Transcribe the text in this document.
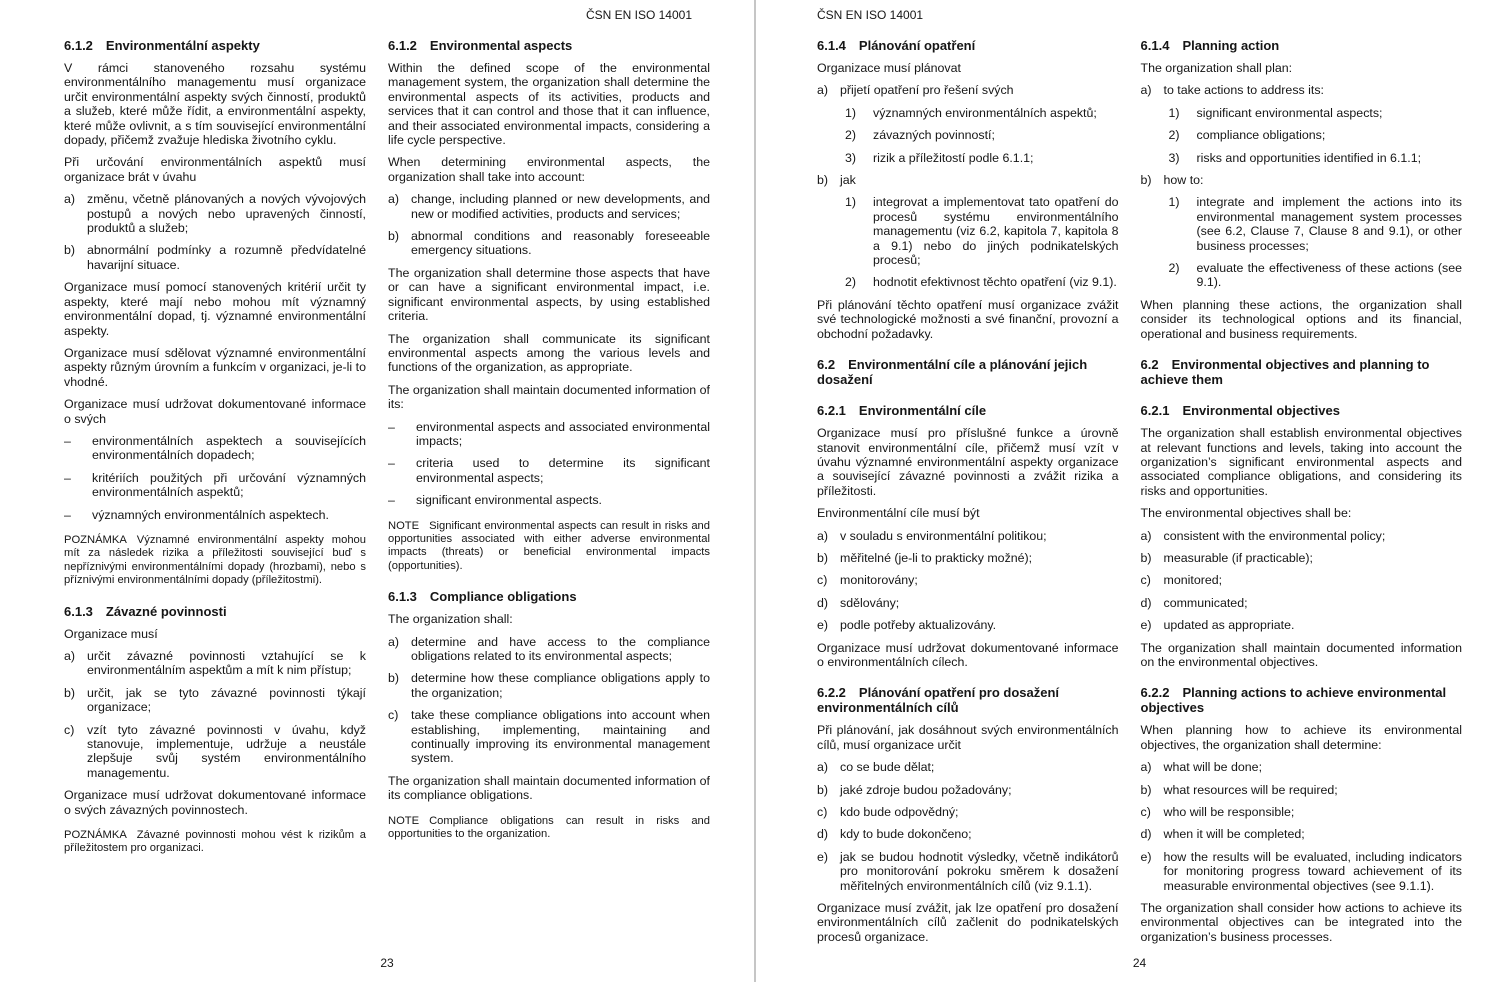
ČSN EN ISO 14001
6.1.2 Environmentální aspekty
V rámci stanoveného rozsahu systému environmentálního managementu musí organizace určit environmentální aspekty svých činností, produktů a služeb, které může řídit, a environmentální aspekty, které může ovlivnit, a s tím související environmentální dopady, přičemž zvažuje hlediska životního cyklu.
Při určování environmentálních aspektů musí organizace brát v úvahu
a) změnu, včetně plánovaných a nových vývojových postupů a nových nebo upravených činností, produktů a služeb;
b) abnormální podmínky a rozumně předvídatelné havarijní situace.
Organizace musí pomocí stanovených kritérií určit ty aspekty, které mají nebo mohou mít významný environmentální dopad, tj. významné environmentální aspekty.
Organizace musí sdělovat významné environmentální aspekty různým úrovním a funkcím v organizaci, je-li to vhodné.
Organizace musí udržovat dokumentované informace o svých
– environmentálních aspektech a souvisejících environmentálních dopadech;
– kritériích použitých při určování významných environmentálních aspektů;
– významných environmentálních aspektech.
POZNÁMKA Významné environmentální aspekty mohou mít za následek rizika a příležitosti související buď s nepříznivými environmentálními dopady (hrozbami), nebo s příznivými environmentálními dopady (příležitostmi).
6.1.3 Závazné povinnosti
Organizace musí
a) určit závazné povinnosti vztahující se k environmentálním aspektům a mít k nim přístup;
b) určit, jak se tyto závazné povinnosti týkají organizace;
c) vzít tyto závazné povinnosti v úvahu, když stanovuje, implementuje, udržuje a neustále zlepšuje svůj systém environmentálního managementu.
Organizace musí udržovat dokumentované informace o svých závazných povinnostech.
POZNÁMKA Závazné povinnosti mohou vést k rizikům a příležitostem pro organizaci.
6.1.2 Environmental aspects
Within the defined scope of the environmental management system, the organization shall determine the environmental aspects of its activities, products and services that it can control and those that it can influence, and their associated environmental impacts, considering a life cycle perspective.
When determining environmental aspects, the organization shall take into account:
a) change, including planned or new developments, and new or modified activities, products and services;
b) abnormal conditions and reasonably foreseeable emergency situations.
The organization shall determine those aspects that have or can have a significant environmental impact, i.e. significant environmental aspects, by using established criteria.
The organization shall communicate its significant environmental aspects among the various levels and functions of the organization, as appropriate.
The organization shall maintain documented information of its:
– environmental aspects and associated environmental impacts;
– criteria used to determine its significant environmental aspects;
– significant environmental aspects.
NOTE Significant environmental aspects can result in risks and opportunities associated with either adverse environmental impacts (threats) or beneficial environmental impacts (opportunities).
6.1.3 Compliance obligations
The organization shall:
a) determine and have access to the compliance obligations related to its environmental aspects;
b) determine how these compliance obligations apply to the organization;
c) take these compliance obligations into account when establishing, implementing, maintaining and continually improving its environmental management system.
The organization shall maintain documented information of its compliance obligations.
NOTE Compliance obligations can result in risks and opportunities to the organization.
23
ČSN EN ISO 14001
6.1.4 Plánování opatření
Organizace musí plánovat
a) přijetí opatření pro řešení svých
1) významných environmentálních aspektů;
2) závazných povinností;
3) rizik a příležitostí podle 6.1.1;
b) jak
1) integrovat a implementovat tato opatření do procesů systému environmentálního managementu (viz 6.2, kapitola 7, kapitola 8 a 9.1) nebo do jiných podnikatelských procesů;
2) hodnotit efektivnost těchto opatření (viz 9.1).
Při plánování těchto opatření musí organizace zvážit své technologické možnosti a své finanční, provozní a obchodní požadavky.
6.2 Environmentální cíle a plánování jejich dosažení
6.2.1 Environmentální cíle
Organizace musí pro příslušné funkce a úrovně stanovit environmentální cíle, přičemž musí vzít v úvahu významné environmentální aspekty organizace a související závazné povinnosti a zvážit rizika a příležitosti.
Environmentální cíle musí být
a) v souladu s environmentální politikou;
b) měřitelné (je-li to prakticky možné);
c) monitorovány;
d) sdělovány;
e) podle potřeby aktualizovány.
Organizace musí udržovat dokumentované informace o environmentálních cílech.
6.2.2 Plánování opatření pro dosažení environmentálních cílů
Při plánování, jak dosáhnout svých environmentálních cílů, musí organizace určit
a) co se bude dělat;
b) jaké zdroje budou požadovány;
c) kdo bude odpovědný;
d) kdy to bude dokončeno;
e) jak se budou hodnotit výsledky, včetně indikátorů pro monitorování pokroku směrem k dosažení měřitelných environmentálních cílů (viz 9.1.1).
Organizace musí zvážit, jak lze opatření pro dosažení environmentálních cílů začlenit do podnikatelských procesů organizace.
6.1.4 Planning action
The organization shall plan:
a) to take actions to address its:
1) significant environmental aspects;
2) compliance obligations;
3) risks and opportunities identified in 6.1.1;
b) how to:
1) integrate and implement the actions into its environmental management system processes (see 6.2, Clause 7, Clause 8 and 9.1), or other business processes;
2) evaluate the effectiveness of these actions (see 9.1).
When planning these actions, the organization shall consider its technological options and its financial, operational and business requirements.
6.2 Environmental objectives and planning to achieve them
6.2.1 Environmental objectives
The organization shall establish environmental objectives at relevant functions and levels, taking into account the organization’s significant environmental aspects and associated compliance obligations, and considering its risks and opportunities.
The environmental objectives shall be:
a) consistent with the environmental policy;
b) measurable (if practicable);
c) monitored;
d) communicated;
e) updated as appropriate.
The organization shall maintain documented information on the environmental objectives.
6.2.2 Planning actions to achieve environmental objectives
When planning how to achieve its environmental objectives, the organization shall determine:
a) what will be done;
b) what resources will be required;
c) who will be responsible;
d) when it will be completed;
e) how the results will be evaluated, including indicators for monitoring progress toward achievement of its measurable environmental objectives (see 9.1.1).
The organization shall consider how actions to achieve its environmental objectives can be integrated into the organization’s business processes.
24
